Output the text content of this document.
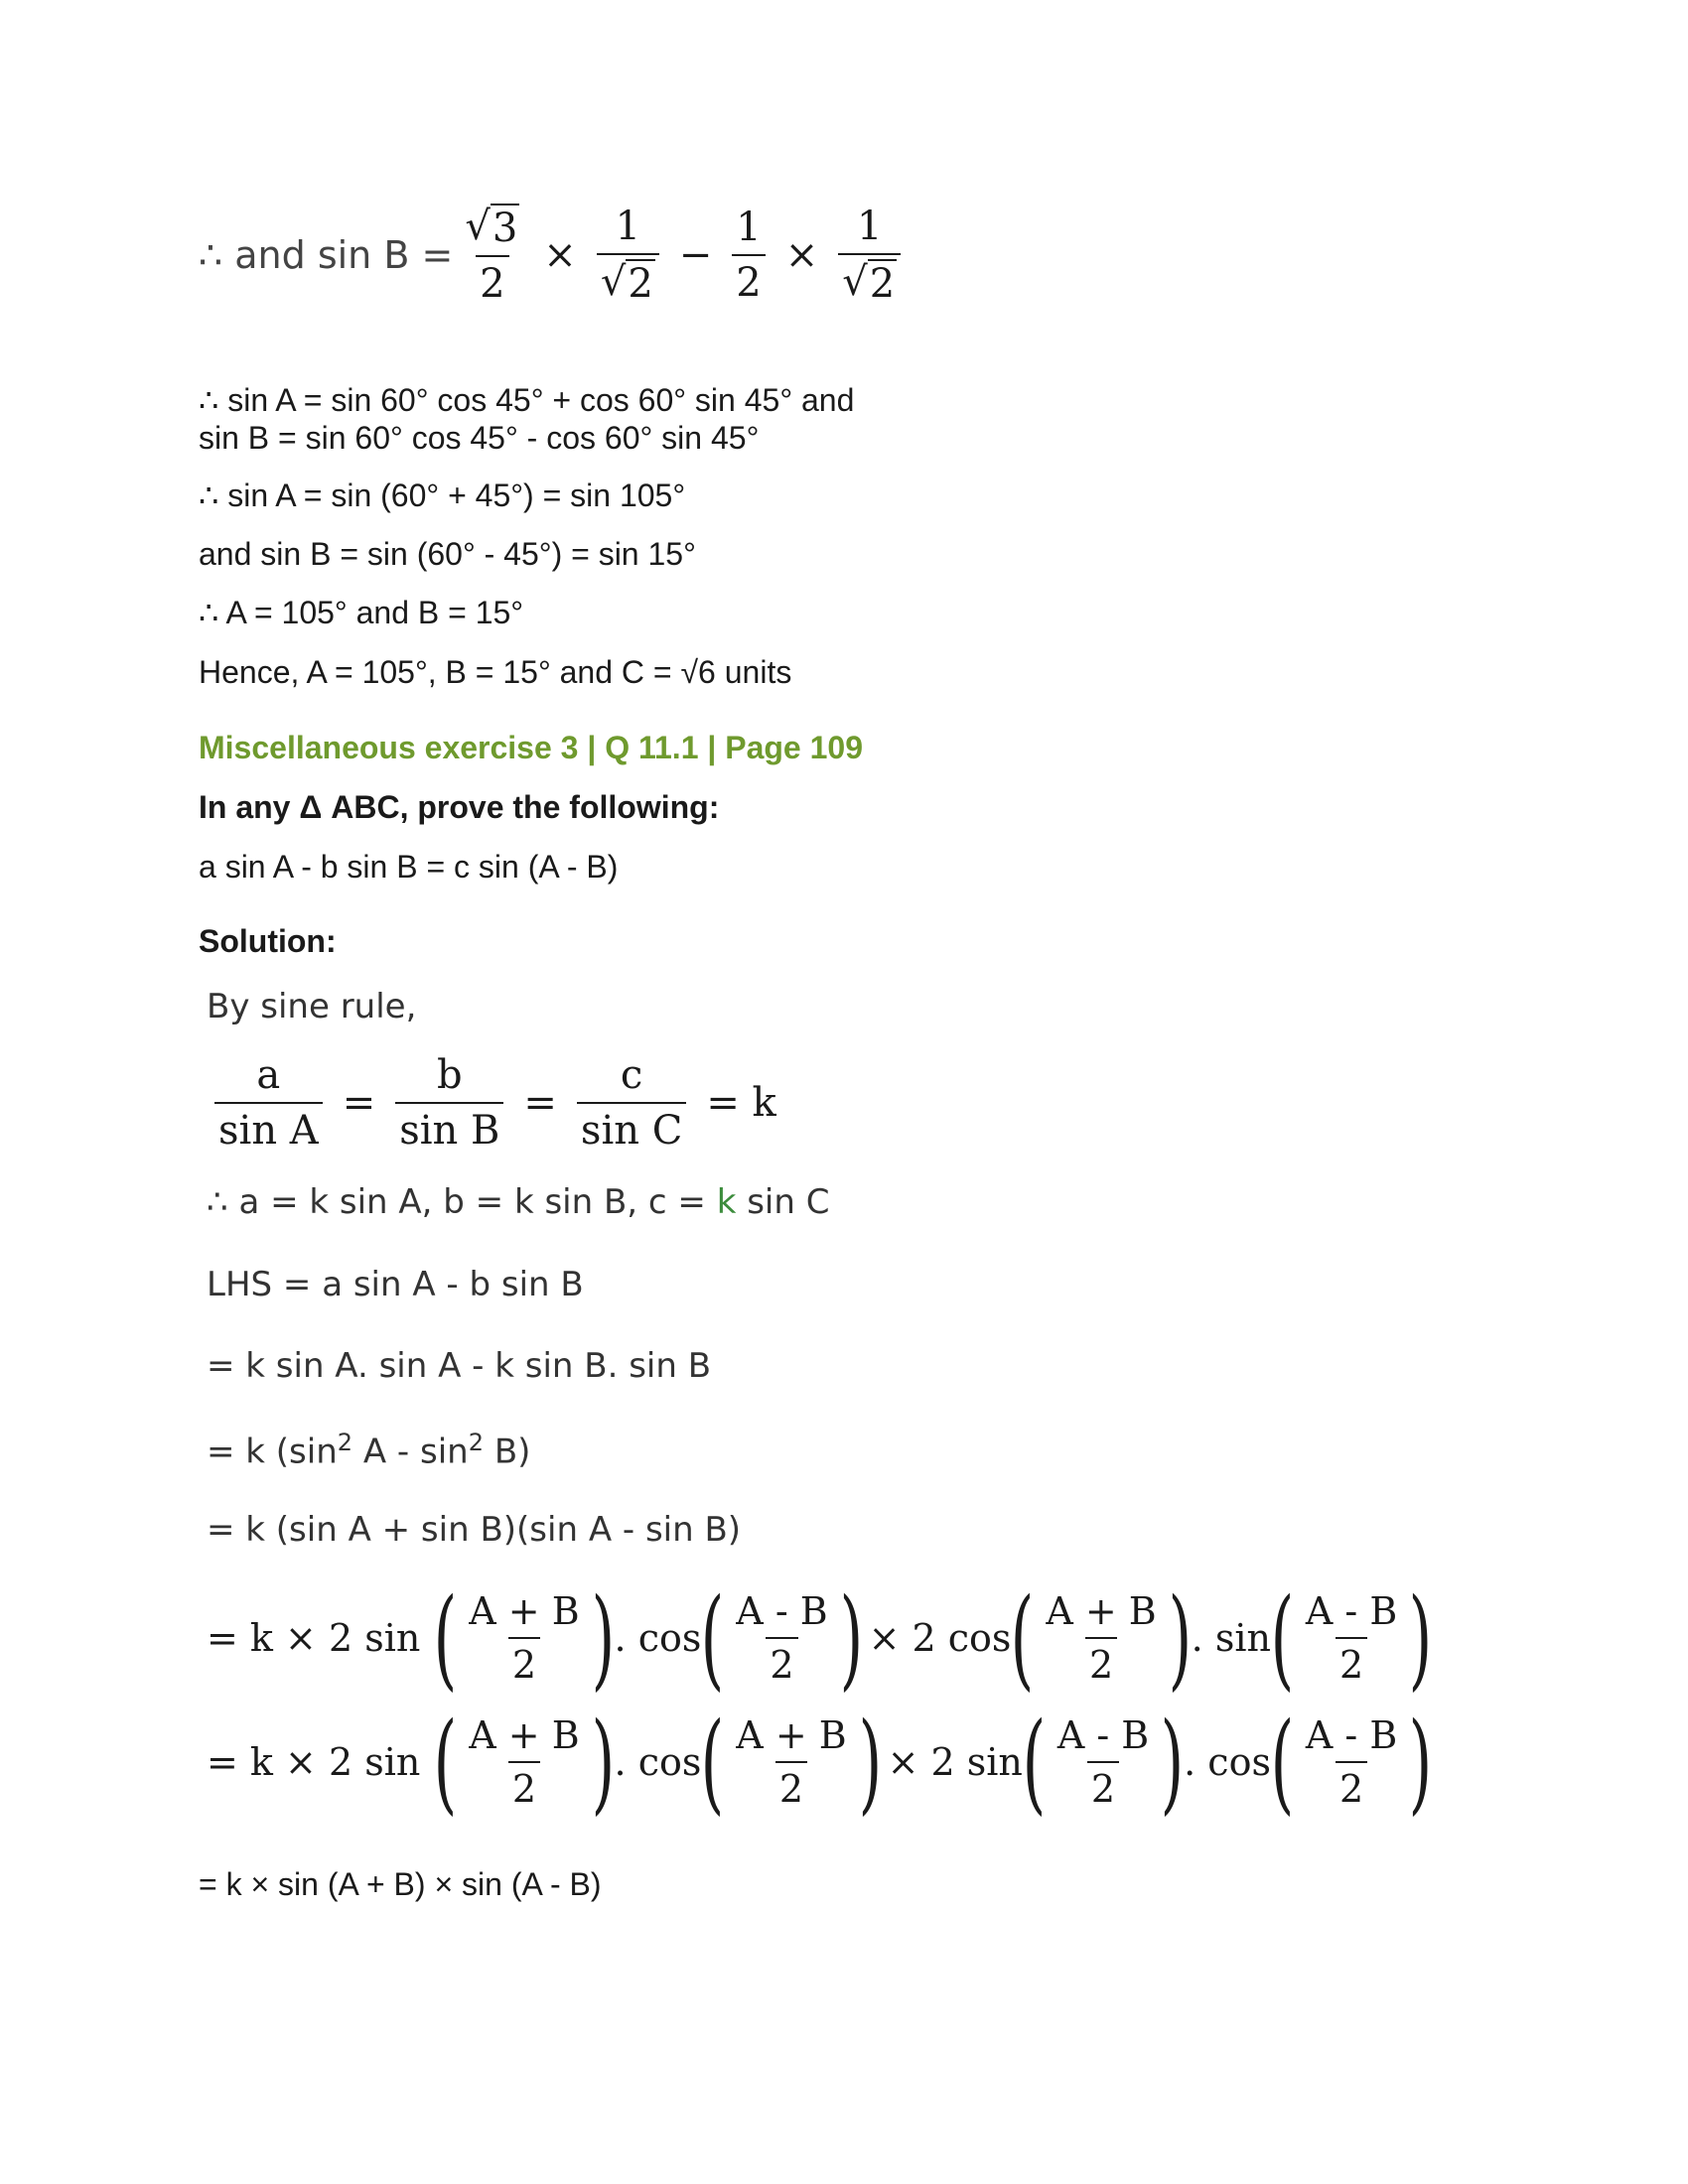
∴ and $\sin B = \frac{√ 3}{2} \times \frac{1}{√ 2} - \frac{1}{2} \times \frac{1}{√ 2}$
∴ sin A = sin 60° cos 45° + cos 60° sin 45° and
sin B = sin 60° cos 45° - cos 60° sin 45°
∴ sin A = sin (60° + 45°) = sin 105°
and sin B = sin (60° - 45°) = sin 15°
∴ A = 105° and B = 15°
Hence, A = 105°, B = 15° and C = √6 units
Miscellaneous exercise 3 | Q 11.1 | Page 109
In any Δ ABC, prove the following:
a sin A - b sin B = c sin (A - B)
Solution:
By sine rule,
$\frac{a}{\text{sin A}} = \frac{b}{\text{sin B}} = \frac{c}{\text{sin C}} = k$
∴ a = k sin A, b = k sin B, c = k sin C
LHS = a sin A - b sin B
= k sin A. sin A - k sin B. sin B
= k ($\sin^2$ A - $\sin^2 B$)
= k (sin A + sin B)(sin A - sin B)
= k × 2 sin ( $\frac{A + B}{2}$ ) . cos ( $\frac{A - B}{2}$ ) × 2 cos ( $\frac{A + B}{2}$ ) . sin ( $\frac{A - B}{2}$ )
= k × 2 sin ( $\frac{A + B}{2}$ ) . cos ( $\frac{A + B}{2}$ ) × 2 sin ( $\frac{A - B}{2}$ ) . cos ( $\frac{A - B}{2}$ )
= k × sin (A + B) × sin (A - B)
